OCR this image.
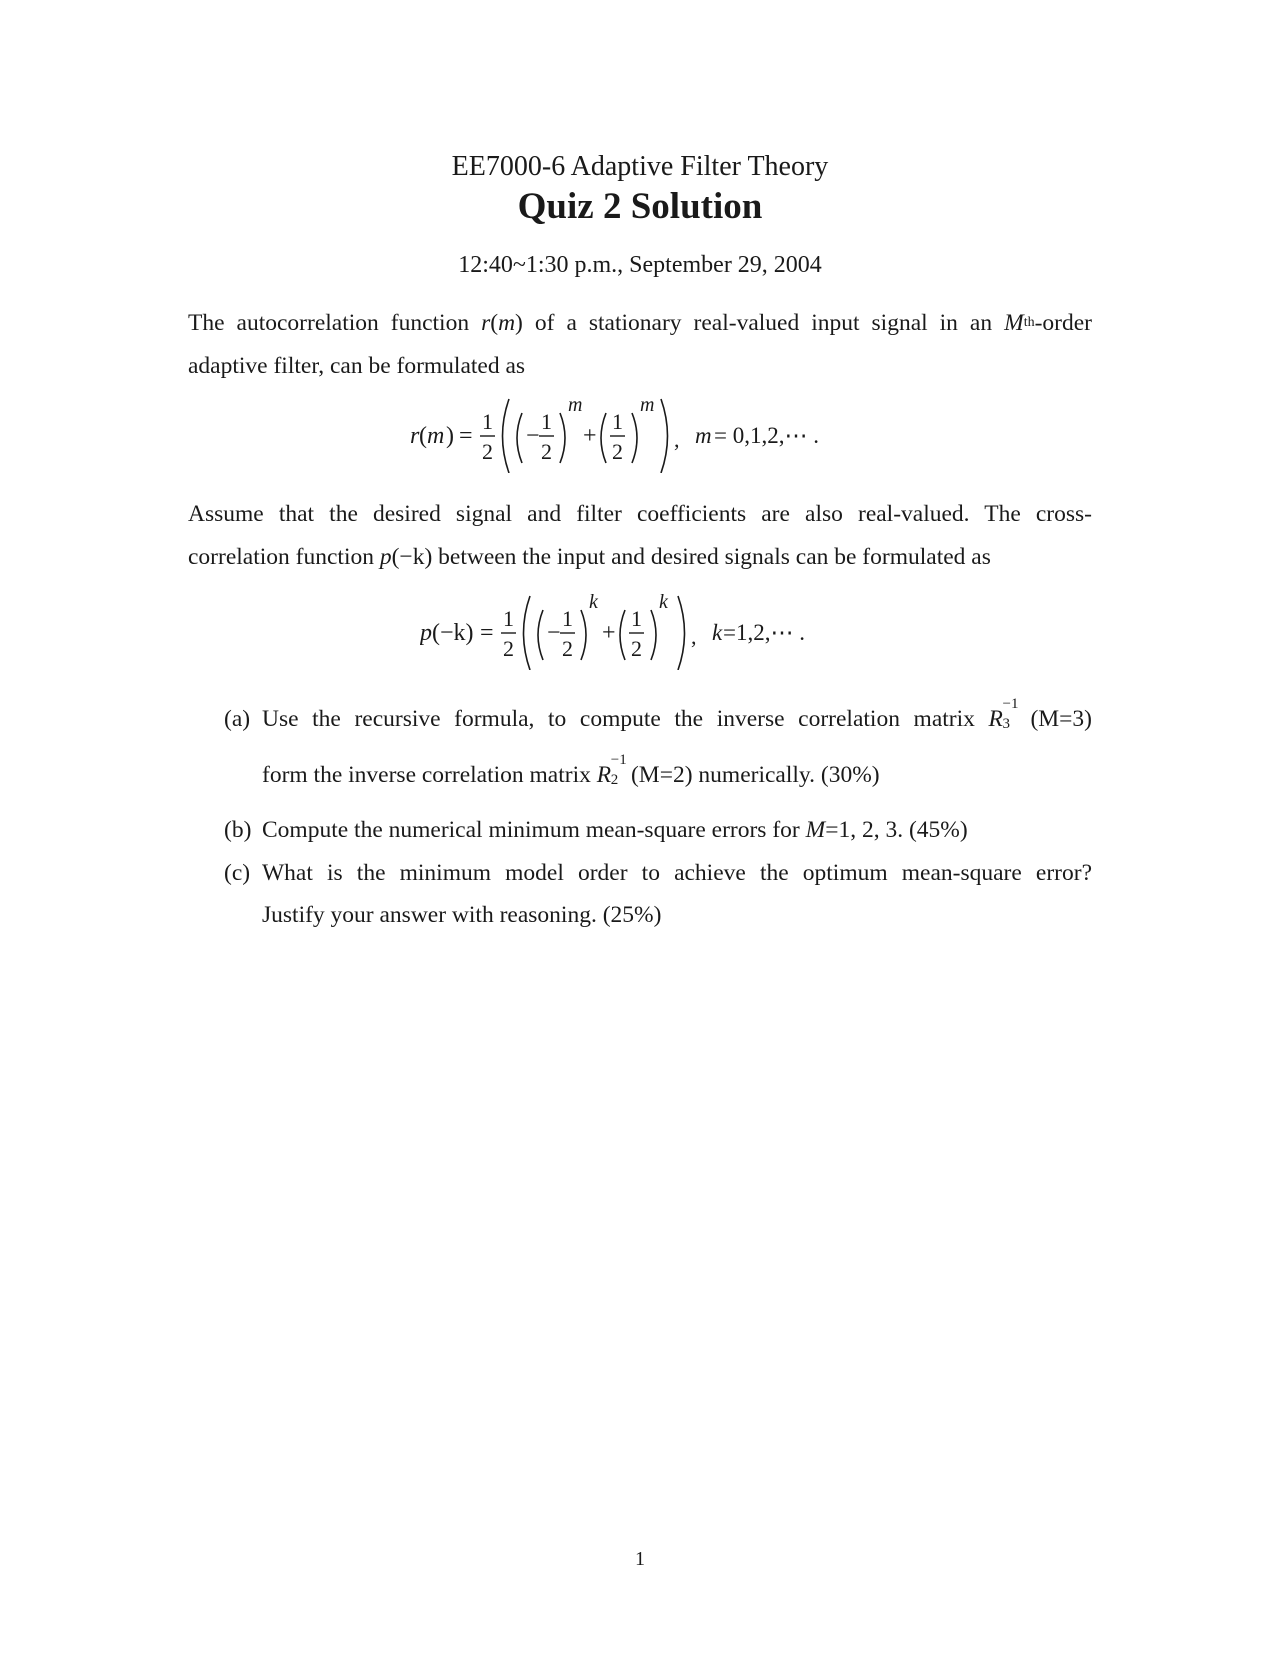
EE7000-6 Adaptive Filter Theory
Quiz 2 Solution
12:40~1:30 p.m., September 29, 2004
The autocorrelation function r(m) of a stationary real-valued input signal in an Mth-order
adaptive filter, can be formulated as
r ( m ) =
1
2
−
1
2
m
+
1
2
m
, m = 0,1,2,⋯ .
Assume that the desired signal and filter coefficients are also real-valued. The cross-
correlation function p(−k) between the input and desired signals can be formulated as
p (−k) =
1
2
−
1
2
k
+
1
2
k
, k =1,2,⋯ .
(a) Use the recursive formula, to compute the inverse correlation matrix R
−1
3 (M=3)
form the inverse correlation matrix R
−1
2 (M=2) numerically. (30%)
(b) Compute the numerical minimum mean-square errors for M=1, 2, 3. (45%)
(c) What is the minimum model order to achieve the optimum mean-square error?
Justify your answer with reasoning. (25%)
1
